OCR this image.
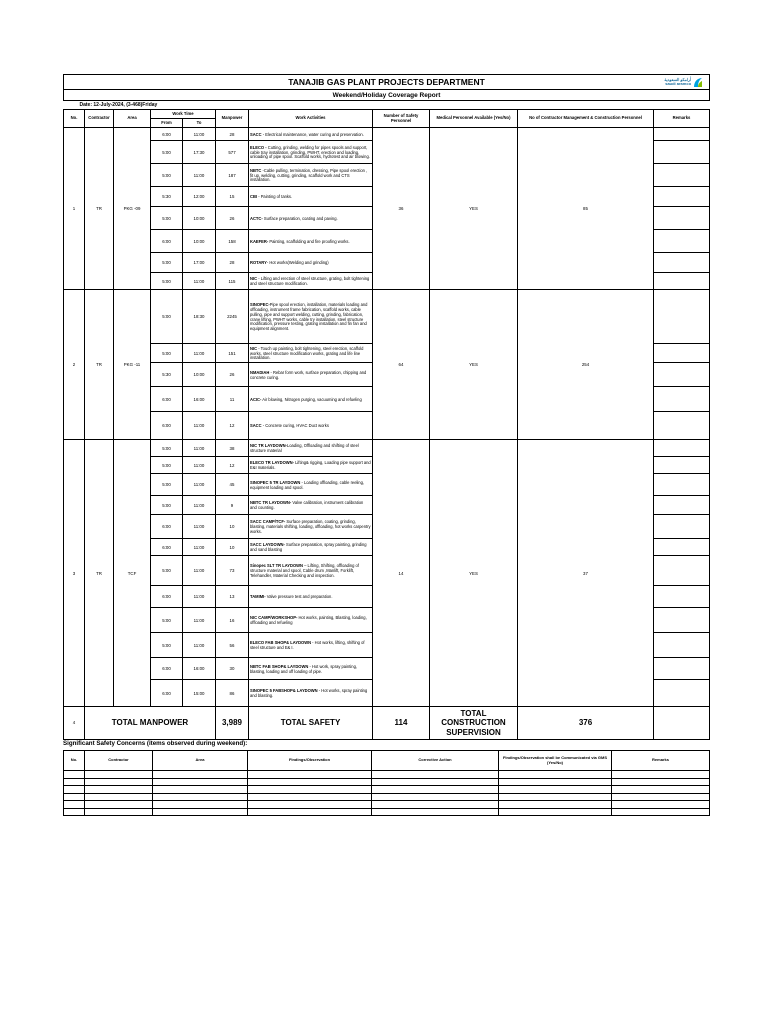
TANAJIB GAS PLANT PROJECTS DEPARTMENT أرامكو السعودية
saudi aramco										

Weekend/Holiday Coverage Report										
Date: 12-July-2024, (3-468)Friday										
No.	Contractor	Area	Work Time		Manpower	Work Activities	Number of Safety Personnel	Medical Personnel Available (Yes/No)	No of Contractor Management & Construction Personnel	Remarks
			From	To						
1	TR	PKG -09	6:00	11:00	28	SACC - Electrical maintenance, water curing and preservation.	36	YES	85	
			5:00	17:30	577	ELECO - Cutting, grinding, welding for pipes spools and support, cable tray installation, grinding, PWHT, erection and loading, unloading of pipe spool. Scaffold works, hydrotest and air blowing.				
			5:00	11:00	187	NBTC -Cable pulling, termination, dressing, Pipe spool erection , fit up, welding, cutting, grinding, scaffold work and CTS installation.				
			5:30	12:00	15	CBI - Painting of tanks.				
			5:00	10:00	26	ACTC- Surface preparation, coating and paving.				
			6:00	10:00	158	KAEFER- Painting, scaffolding and fire proofing works.				
			5:00	17:00	28	ROTARY- Hot works(Welding and grinding)				
			5:00	11:00	115	NIC - Lifting and erection of steel structure, grating, bolt tightening and steel structure modification.				
2	TR	PKG -11	5:00	18:30	2245	SINOPEC-Pipe spool erection, installation, materials loading and offloading, instrument frame fabrication, scaffold works, cable pulling, pipe and support welding, cutting, grinding, fabrication, crane lifting, PWHT works, cable try installation, steel structure modification, pressure testing, grating installation and fin fan and equipment alignment.	64	YES	254	
			5:00	11:00	151	NIC - Touch up painting, bolt tightening, steel erection, scaffold works, steel structure modification works, grating and life line installation.				
			5:30	10:00	26	NMADIAH - Rebar form work, surface preparation, chipping and concrete curing.				
			6:00	16:00	11	ACIC- Air blowing, Nitrogen purging, vacuuming and refueling				
			6:00	11:00	12	SACC - Concrete curing, HVAC Duct works				
3	TR	TCF	5:00	11:00	38	NIC TR LAYDOWN-Loading, Offloading and shifting of steel structure material	14	YES	37	
			5:00	11:00	12	ELECO TR LAYDOWN- Lifting& rigging, Loading pipe support and E&I materials.				
			5:00	11:00	45	SINOPEC 5 TR LAYDOWN - Loading offloading, cable reeling, equipment loading and spool.				
			5:00	11:00	9	NBTC TR LAYDOWN- Valve calibration, instrument calibration and counting.				
			6:00	11:00	10	SACC CAMP/TCF- Surface preparation, coating, grinding, blasting, materials shifting, loading, offloading, hot works carpentry works.				
			6:00	11:00	10	SACC LAYDOWN- Surface preparation, spray painting, grinding and sand blasting				
			5:00	11:00	73	Sinopec SLT TR LAYDOWN – Lifting, Shifting, offloading of structure material and spool, Cable drum ,Manlift, Forklift, Telehandler, Material Checking and inspection.				
			6:00	11:00	13	TAMIMI- Valve pressure test and preparation.				
			5:00	11:00	16	NIC CAMP/WORKSHOP- Hot works, painting, Blasting, loading, offloading and refueling				
			5:00	11:00	56	ELECO FAB SHOP& LAYDOWN - Hot works, lifting, shifting of steel structure and E& I.				
			6:00	16:00	30	NBTC FAB SHOP& LAYDOWN - Hot work, spray painting, blasting, loading and off loading of pipe.				
			6:00	15:00	86	SINOPEC 5 FABSHOP& LAYDOWN - Hot works, spray painting and blasting.				
4	TOTAL MANPOWER				3,989	TOTAL SAFETY	114	TOTAL CONSTRUCTION SUPERVISION	376	
Significant Safety Concerns (items observed during weekend):
No.	Contractor	Area	Findings/Observation	Corrective Action	Findings/Observation shall be Communicated via GMS (Yes/No)	Remarks
